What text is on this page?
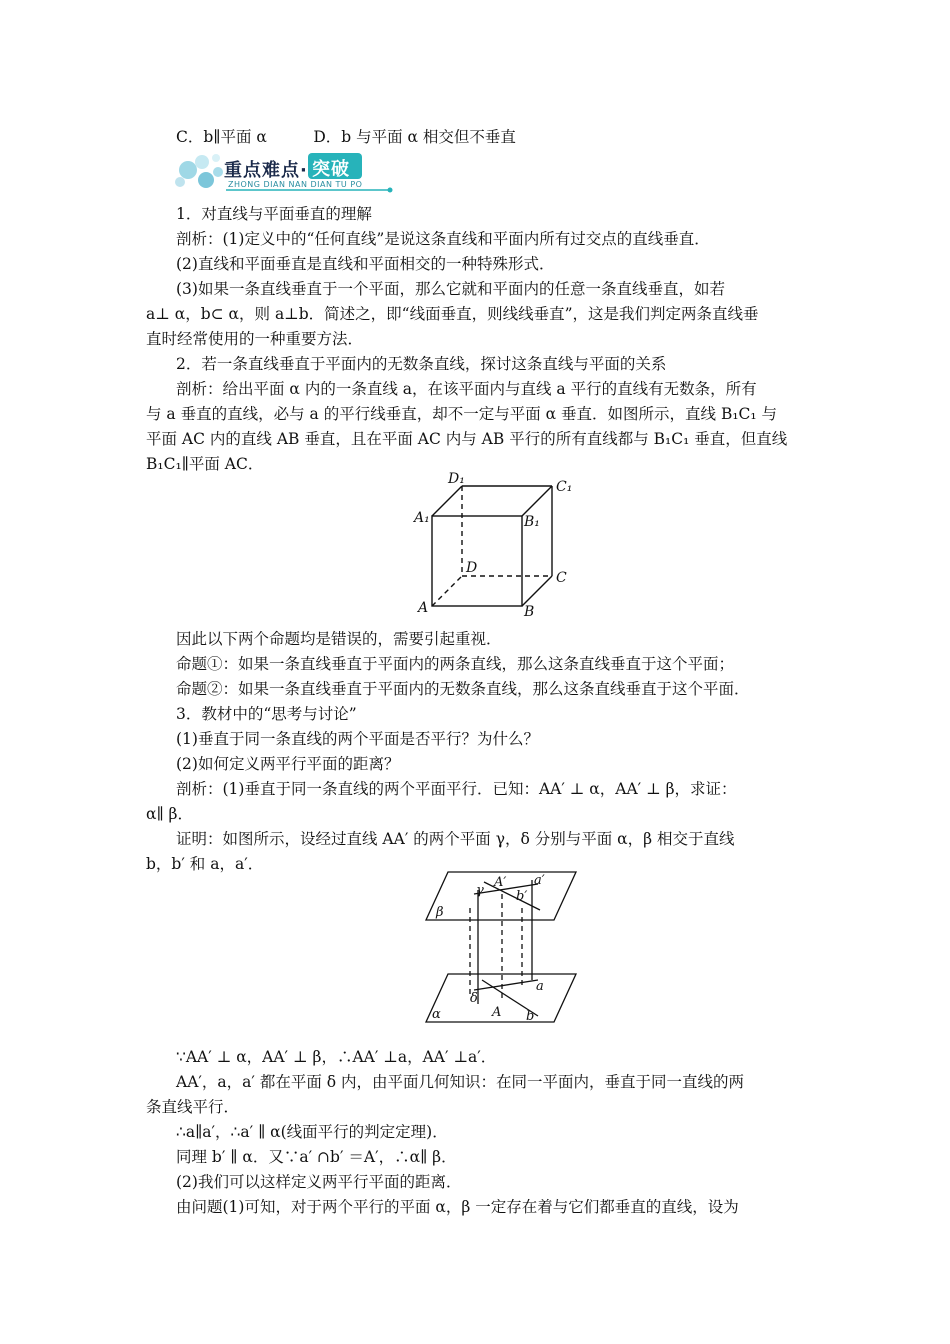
C．b∥平面 α　　　D．b 与平面 α 相交但不垂直
重点难点· 突破
ZHONG DIAN NAN DIAN TU PO
1．对直线与平面垂直的理解
剖析：(1)定义中的“任何直线”是说这条直线和平面内所有过交点的直线垂直．
(2)直线和平面垂直是直线和平面相交的一种特殊形式．
(3)如果一条直线垂直于一个平面，那么它就和平面内的任意一条直线垂直，如若
a⊥ α，b⊂ α，则 a⊥b．简述之，即“线面垂直，则线线垂直”，这是我们判定两条直线垂
直时经常使用的一种重要方法．
2．若一条直线垂直于平面内的无数条直线，探讨这条直线与平面的关系
剖析：给出平面 α 内的一条直线 a，在该平面内与直线 a 平行的直线有无数条，所有
与 a 垂直的直线，必与 a 的平行线垂直，却不一定与平面 α 垂直．如图所示，直线 B₁C₁ 与
平面 AC 内的直线 AB 垂直，且在平面 AC 内与 AB 平行的所有直线都与 B₁C₁ 垂直，但直线
B₁C₁∥平面 AC．
D₁	C₁
A₁	B₁
D
C
A	B
因此以下两个命题均是错误的，需要引起重视．
命题①：如果一条直线垂直于平面内的两条直线，那么这条直线垂直于这个平面；
命题②：如果一条直线垂直于平面内的无数条直线，那么这条直线垂直于这个平面．
3．教材中的“思考与讨论”
(1)垂直于同一条直线的两个平面是否平行？为什么？
(2)如何定义两平行平面的距离？
剖析：(1)垂直于同一条直线的两个平面平行．已知：AA′ ⊥ α，AA′ ⊥ β，求证：
α∥ β．
证明：如图所示，设经过直线 AA′ 的两个平面 γ，δ 分别与平面 α，β 相交于直线
b，b′ 和 a，a′．
A′ a′
γ b′
β
δ
a
A b
α
∵AA′ ⊥ α，AA′ ⊥ β，∴AA′ ⊥a，AA′ ⊥a′．
AA′，a，a′ 都在平面 δ 内，由平面几何知识：在同一平面内，垂直于同一直线的两
条直线平行．
∴a∥a′，∴a′ ∥ α(线面平行的判定定理)．
同理 b′ ∥ α．又∵a′ ∩b′ ＝A′，∴α∥ β．
(2)我们可以这样定义两平行平面的距离．
由问题(1)可知，对于两个平行的平面 α，β 一定存在着与它们都垂直的直线，设为
